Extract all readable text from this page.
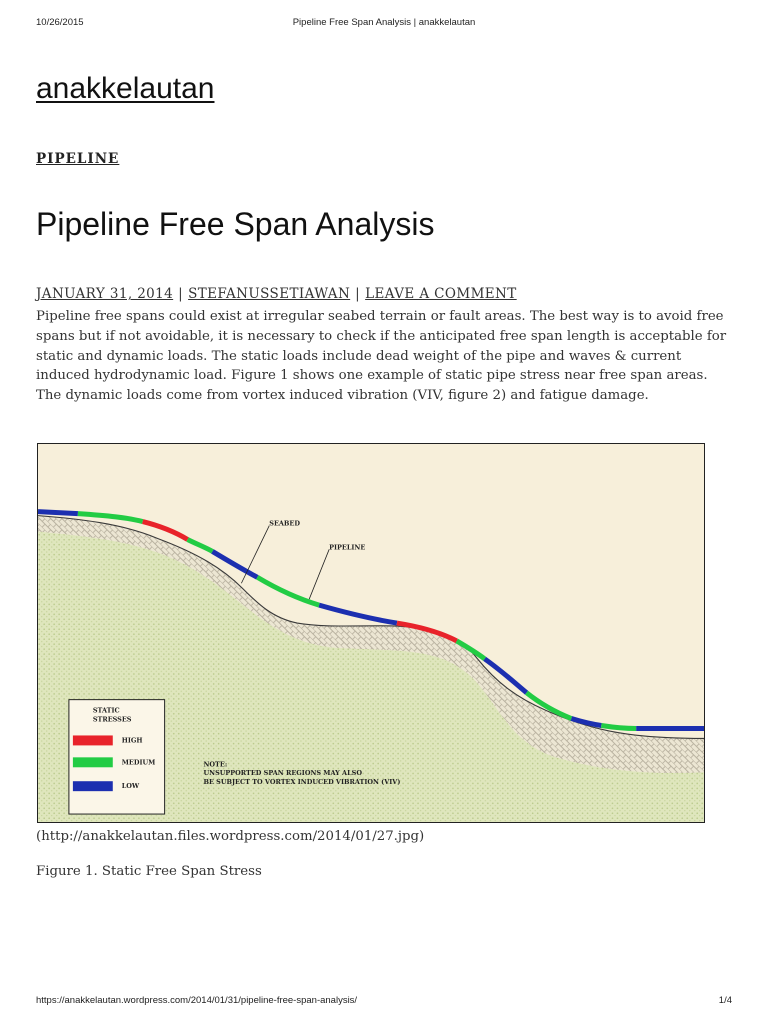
10/26/2015	Pipeline Free Span Analysis | anakkelautan
anakkelautan
PIPELINE
Pipeline Free Span Analysis
JANUARY 31, 2014 | STEFANUSSETIAWAN | LEAVE A COMMENT

Pipeline free spans could exist at irregular seabed terrain or fault areas. The best way is to avoid free spans but if not avoidable, it is necessary to check if the anticipated free span length is acceptable for static and dynamic loads. The static loads include dead weight of the pipe and waves & current induced hydrodynamic load. Figure 1 shows one example of static pipe stress near free span areas. The dynamic loads come from vortex induced vibration (VIV, figure 2) and fatigue damage.

SEABED
PIPELINE
STATIC
STRESSES
HIGH
MEDIUM
LOW
NOTE:
UNSUPPORTED SPAN REGIONS MAY ALSO
BE SUBJECT TO VORTEX INDUCED VIBRATION (VIV)
(http://anakkelautan.files.wordpress.com/2014/01/27.jpg)
Figure 1. Static Free Span Stress
https://anakkelautan.wordpress.com/2014/01/31/pipeline-free-span-analysis/	1/4
